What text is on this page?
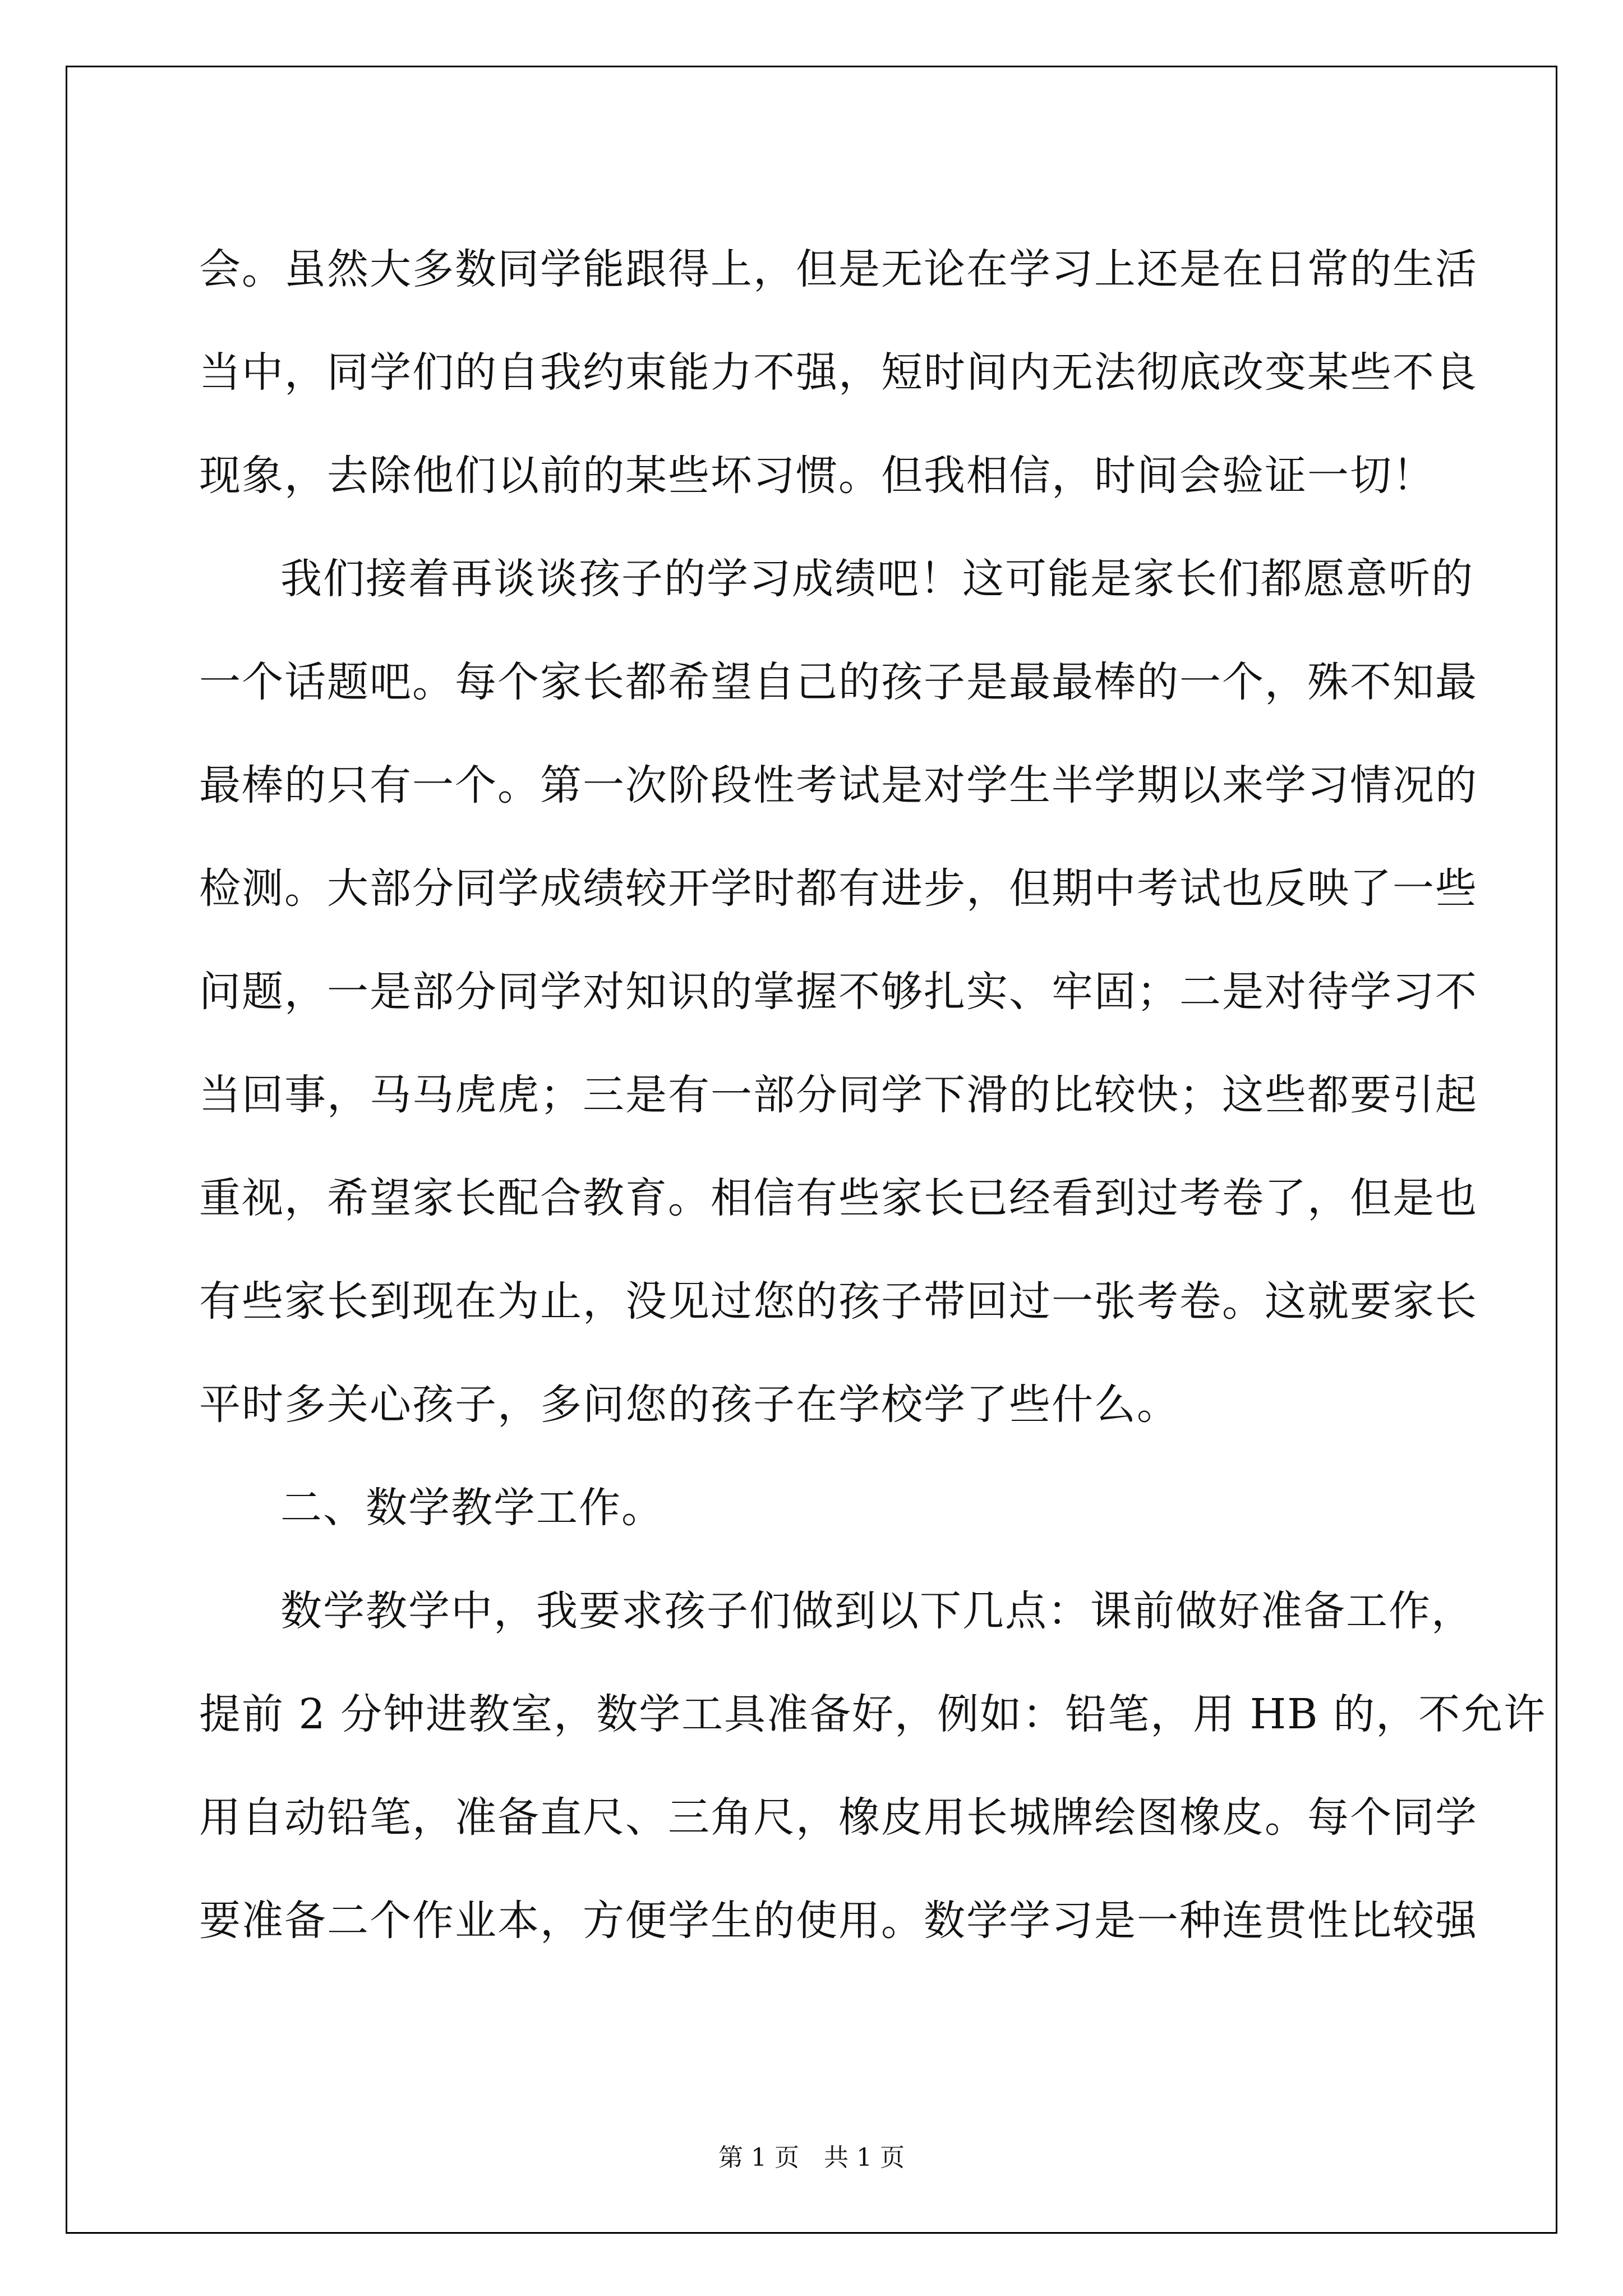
会。虽然大多数同学能跟得上，但是无论在学习上还是在日常的生活
当中，同学们的自我约束能力不强，短时间内无法彻底改变某些不良
现象，去除他们以前的某些坏习惯。但我相信，时间会验证一切！
我们接着再谈谈孩子的学习成绩吧！这可能是家长们都愿意听的
一个话题吧。每个家长都希望自己的孩子是最最棒的一个，殊不知最
最棒的只有一个。第一次阶段性考试是对学生半学期以来学习情况的
检测。大部分同学成绩较开学时都有进步，但期中考试也反映了一些
问题，一是部分同学对知识的掌握不够扎实、牢固；二是对待学习不
当回事，马马虎虎；三是有一部分同学下滑的比较快；这些都要引起
重视，希望家长配合教育。相信有些家长已经看到过考卷了，但是也
有些家长到现在为止，没见过您的孩子带回过一张考卷。这就要家长
平时多关心孩子，多问您的孩子在学校学了些什么。
二、数学教学工作。
数学教学中，我要求孩子们做到以下几点：课前做好准备工作，
提前 2 分钟进教室，数学工具准备好，例如：铅笔，用 HB 的，不允许
用自动铅笔，准备直尺、三角尺，橡皮用长城牌绘图橡皮。每个同学
要准备二个作业本，方便学生的使用。数学学习是一种连贯性比较强
第 1 页 共 1 页
